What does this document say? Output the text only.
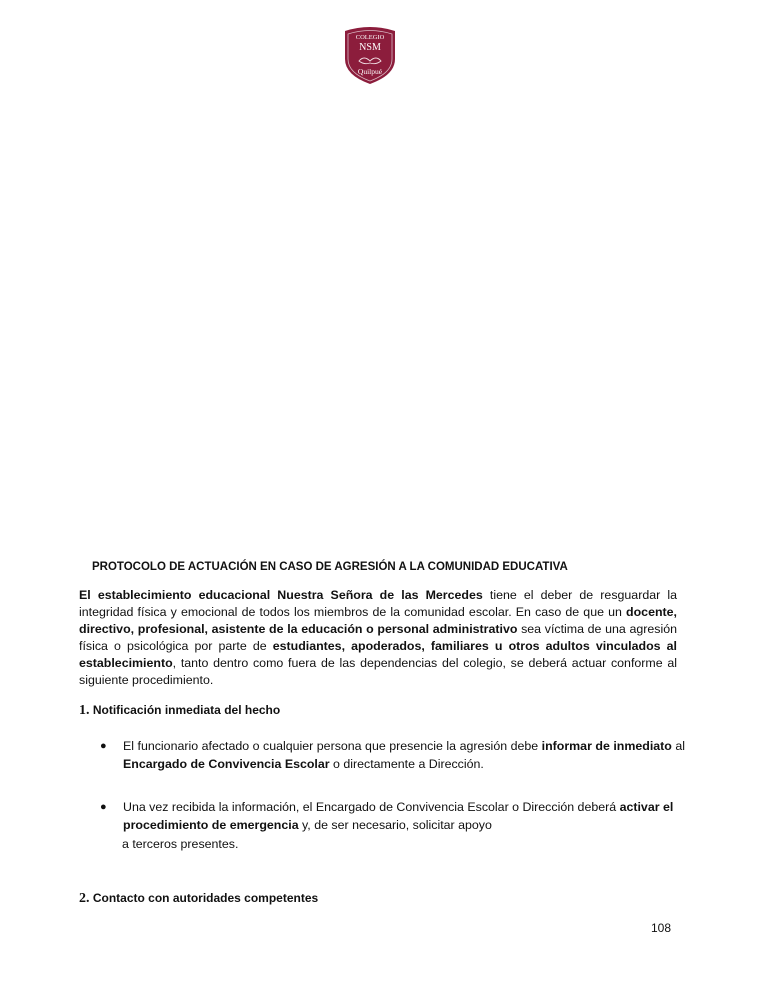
COLEGIO
NSM
Quilpué
PROTOCOLO DE ACTUACIÓN EN CASO DE AGRESIÓN A LA COMUNIDAD EDUCATIVA

El establecimiento educacional Nuestra Señora de las Mercedes tiene el deber de resguardar la integridad física y emocional de todos los miembros de la comunidad escolar. En caso de que un docente, directivo, profesional, asistente de la educación o personal administrativo sea víctima de una agresión física o psicológica por parte de estudiantes, apoderados, familiares u otros adultos vinculados al establecimiento, tanto dentro como fuera de las dependencias del colegio, se deberá actuar conforme al siguiente procedimiento.

1. Notificación inmediata del hecho
●	El funcionario afectado o cualquier persona que presencie la agresión debe informar de inmediato al Encargado de Convivencia Escolar o directamente a Dirección.
●	Una vez recibida la información, el Encargado de Convivencia Escolar o Dirección deberá activar el procedimiento de emergencia y, de ser necesario, solicitar apoyo
a terceros presentes.
2. Contacto con autoridades competentes
108
